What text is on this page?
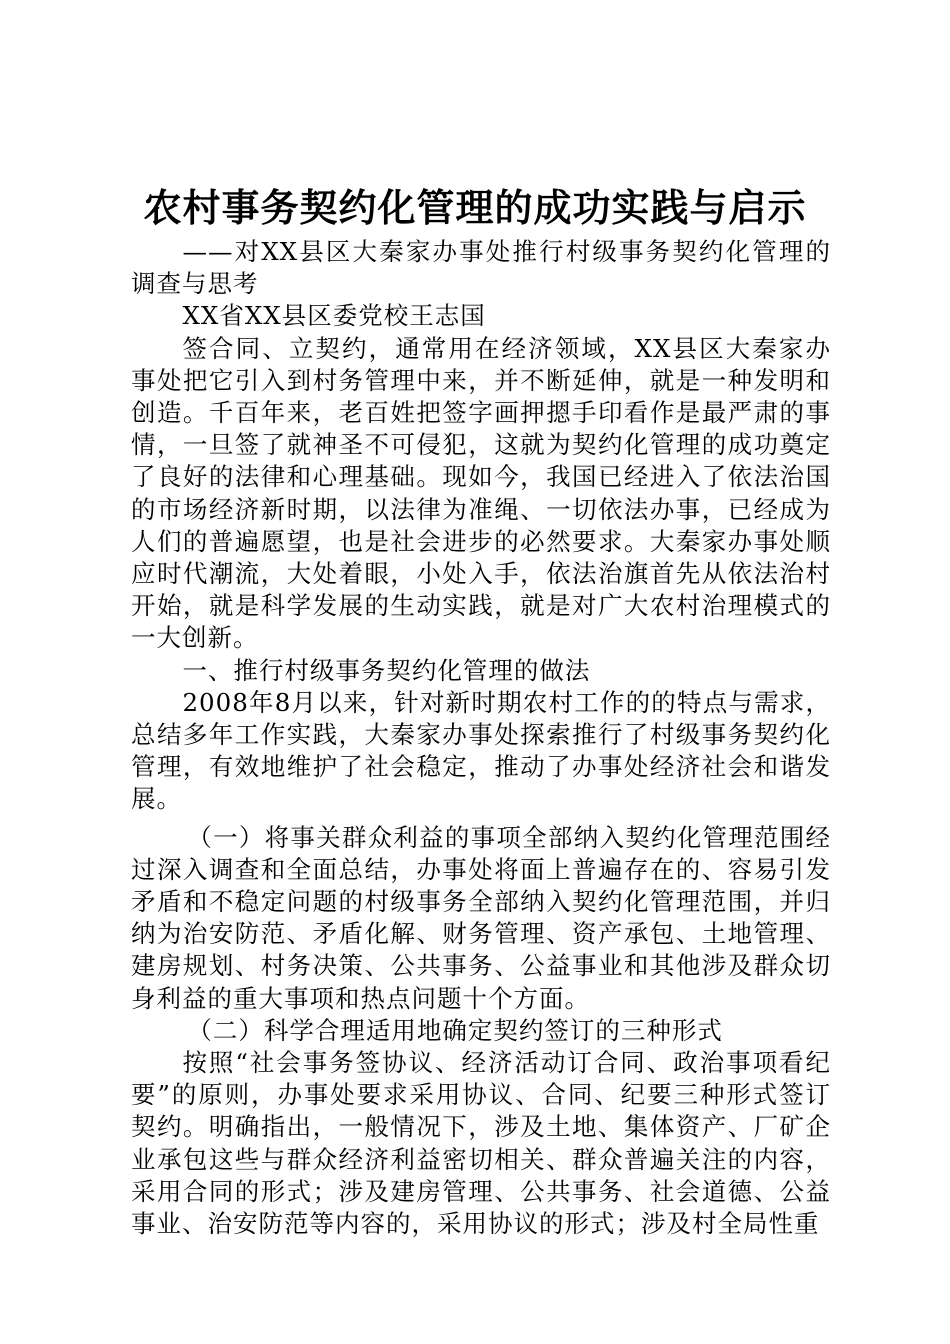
农村事务契约化管理的成功实践与启示

——对XX县区大秦家办事处推行村级事务契约化管理的调查与思考

XX省XX县区委党校王志国

签合同、立契约，通常用在经济领域，XX县区大秦家办事处把它引入到村务管理中来，并不断延伸，就是一种发明和创造。千百年来，老百姓把签字画押摁手印看作是最严肃的事情，一旦签了就神圣不可侵犯，这就为契约化管理的成功奠定了良好的法律和心理基础。现如今，我国已经进入了依法治国的市场经济新时期，以法律为准绳、一切依法办事，已经成为人们的普遍愿望，也是社会进步的必然要求。大秦家办事处顺应时代潮流，大处着眼，小处入手，依法治旗首先从依法治村开始，就是科学发展的生动实践，就是对广大农村治理模式的一大创新。

一、推行村级事务契约化管理的做法

2008年8月以来，针对新时期农村工作的的特点与需求，总结多年工作实践，大秦家办事处探索推行了村级事务契约化管理，有效地维护了社会稳定，推动了办事处经济社会和谐发展。

（一）将事关群众利益的事项全部纳入契约化管理范围经过深入调查和全面总结，办事处将面上普遍存在的、容易引发矛盾和不稳定问题的村级事务全部纳入契约化管理范围，并归纳为治安防范、矛盾化解、财务管理、资产承包、土地管理、建房规划、村务决策、公共事务、公益事业和其他涉及群众切身利益的重大事项和热点问题十个方面。

（二）科学合理适用地确定契约签订的三种形式

按照“社会事务签协议、经济活动订合同、政治事项看纪要”的原则，办事处要求采用协议、合同、纪要三种形式签订契约。明确指出，一般情况下，涉及土地、集体资产、厂矿企业承包这些与群众经济利益密切相关、群众普遍关注的内容，采用合同的形式；涉及建房管理、公共事务、社会道德、公益事业、治安防范等内容的，采用协议的形式；涉及村全局性重
